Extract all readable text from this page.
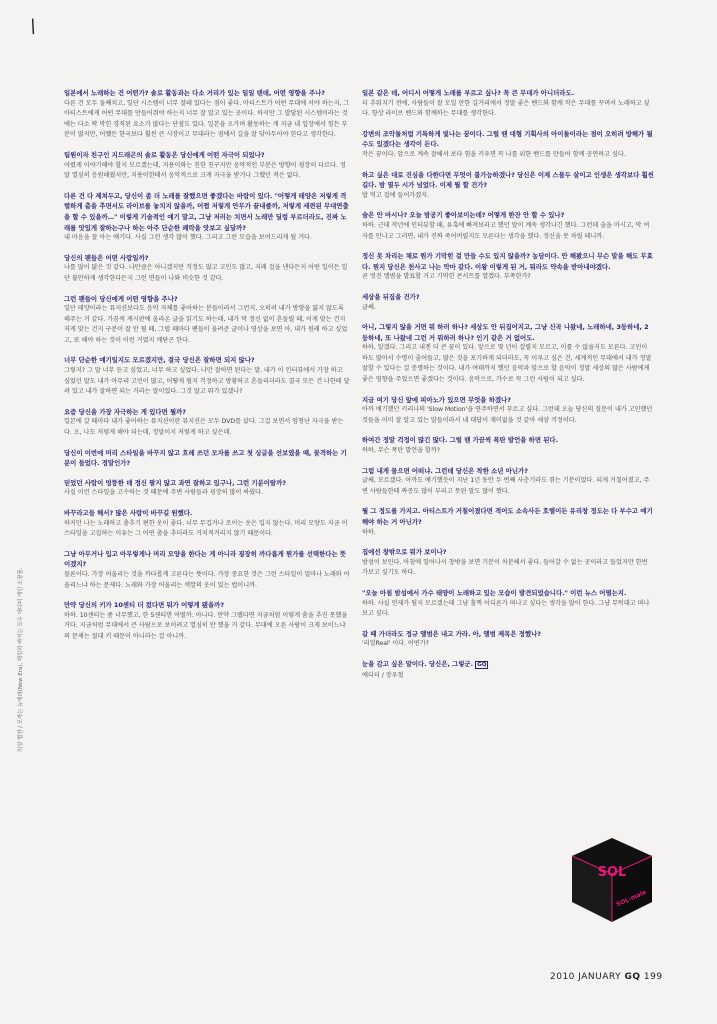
/

일본에서 노래하는 건 어떤가? 솔로 활동과는 다소 거리가 있는 일일 텐데, 어떤 영향을 주나?

다른 건 모두 둘째치고, 일단 시스템이 너무 잘돼 있다는 점이 좋다. 아티스트가 어떤 무대에 서야 하는지, 그 아티스트에게 어떤 무대를 만들어줘야 하는지 너무 잘 알고 있는 곳이다. 하지만 그 발달된 시스템이라는 것에는 다소 꽉 막힌 경직된 요소가 많다는 단점도 있다. 일본을 오가며 활동하는 게 지금 내 입장에서 힘든 부분이 많지만, 어쨌든 한국보다 훨씬 큰 시장이고 무대라는 점에서 길을 잘 닦아두어야 한다고 생각한다.

팀원이자 친구인 지드래곤의 솔로 활동은 당신에게 어떤 자극이 되었나?

어렸게 이야기해야 할지 모르겠는데, 지용이와는 친한 친구지만 음악적인 부분은 방향이 굉장히 다르다. 정말 열심히 응원해줬지만, 지용이한테서 음악적으로 크게 자극을 받거나 그랬던 적은 없다.

다른 건 다 제쳐두고, 당신이 좀 더 노래를 잘했으면 좋겠다는 바람이 있다. "어떻게 태양은 저렇게 격렬하게 춤을 추면서도 라이브를 놓치지 않을까, 어쩜 저렇게 안무가 끝내줄까, 저렇게 세련된 무대연출을 할 수 있을까…" 이렇게 기술적인 얘기 말고, 그냥 저러는 치면서 노래만 딜렁 부르더라도, 진짜 노래를 맛있게 잘하는구나 하는 아주 단순한 쾌락을 맛보고 싶달까?

내 마음을 잘 아는 얘기다. 사실 그런 생각 많이 했다. 그리고 그런 모습을 보여드리게 될 거다.

당신의 팬들은 어떤 사람일까?

나를 많이 닮은 것 같다. 나만큼은 아니겠지만 걱정도 많고 고민도 많고, 지레 겁을 낸다든지 어떤 일이든 일단 불안하게 생각한다든지 그런 면들이 나와 비슷한 것 같다.

그런 팬들이 당신에게 어떤 영향을 주나?

일단 태양이라는 뮤지션보다도 음악 자체를 좋아하는 분들이라서 그런지, 오히려 내가 방향을 잃지 않도록 해주는 거 같다. 가끔씩 게시판에 올라온 글을 읽기도 하는데, 내가 막 정신 없이 흔들릴 때, 이게 맞는 건지 저게 맞는 건지 구분이 잘 안 될 때, 그럴 때마다 팬들이 올려준 글이나 영상을 보면 아, 내가 원래 하고 싶었고, 또 해야 하는 것이 이런 거였지 깨닫곤 한다.

너무 단순한 얘기일지도 모르겠지만, 결국 당신은 잘하면 되지 않나?

그렇지? 그 말 너무 듣고 싶었고, 너무 하고 싶었다. 나만 잘하면 된다는 말. 내가 이 인터뷰에서 가장 하고 싶었던 말도 내가 아무리 고민이 많고, 어떻게 될지 걱정하고 방황하고 흔들리더라도 결국 모든 건 나한테 달려 있고 내가 잘하면 되는 거라는 말이었다. 그것 말고 뭐가 있겠나?

요즘 당신을 가장 자극하는 게 있다면 뭘까?

일본에 갈 때마다 내가 좋아하는 뮤지션이란 뮤지션은 모두 DVD를 샀다. 그걸 보면서 엄청난 자극을 받는다. 오, 나도 저렇게 해야 되는데, 정말이지 저렇게 하고 싶은데.

당신이 이번에 머리 스타일을 바꾸지 않고 흐레 쓰던 모자를 쓰고 첫 싱글을 선보였을 때, 꼴격하는 기분이 들었다. 정말인가?

믿었던 사람이 엉뚱한 데 정신 팔지 않고 과연 잘하고 있구나, 그런 기분이랄까?

사실 이런 스타일을 고수하는 것 때문에 주변 사람들과 굉장히 많이 싸웠다.

바꾸라고들 해서? 많은 사람이 바꾸길 원했다.

하지만 나는 노래하고 춤추기 편한 옷이 좋다. 너무 무겁거나 조이는 옷은 입지 않는다. 머리 모양도 지금 이 스타일을 고집하는 이유는 그 어떤 춤을 추더라도 거치적거리지 않기 때문이다.

그냥 아무거나 입고 아무렇게나 머리 모양을 한다는 게 아니라 굉장히 까다롭게 뭔가를 선택한다는 뜻이겠지?

물론이다. 가장 어울리는 것을 까다롭게 고른다는 뜻이다. 가장 중요한 것은 그런 스타일이 얼마나 노래와 어울리느냐 하는 문제다. 노래와 가장 어울리는 색깔의 옷이 있는 법이니까.

만약 당신의 키가 10센티 더 컸다면 뭐가 어떻게 됐을까?

하하. 10센티는 좀 너무했고, 한 5센티면 어떨까. 아니다. 만약 그랬다면 지금처럼 이렇게 춤을 추진 못했을 거다. 지금처럼 무대에서 큰 사람으로 보이려고 열심히 안 했을 거 같다. 무대에 오른 사람이 크게 보이느냐의 문제는 절대 키 때문이 아니라는 걸 아니까.

일본 같은 데, 어디서 어떻게 노래를 부르고 싶나? 꼭 큰 무대가 아니더라도.

더 추워지기 전에, 사람들이 잘 모일 만한 길거리에서 정말 좋은 밴드와 함께 작은 무대를 꾸며서 노래하고 싶다. 항상 라이브 밴드와 함께하는 무대를 생각한다.

강변의 조악돌처럼 기특하게 빛나는 꿈이다. 그럴 땐 대형 기획사의 아이돌이라는 점이 오히려 방해가 될 수도 있겠다는 생각이 든다.

작은 꿈이다. 앞으로 계속 잘해서 보다 힘을 키우면 꼭 나를 위한 밴드를 만들어 함께 공연하고 싶다.

하고 싶은 대로 진심을 다한다면 무엇이 불가능하겠나? 당신은 이제 스물두 살이고 인생은 생각보다 훨씬 길다. 밤 열두 시가 넘었다. 이제 뭘 할 건가?

밥 먹고 집에 들어가겠지.

술은 안 마시나? 오늘 밤공기 좋아보이는데? 어떻게 한잔 안 할 수 있나?

하하. 근데 작년에 인터뷰할 때, 유혹에 빠져보라고 했던 말이 계속 생각나긴 했다. 그런데 술을 마시고, 막 여자를 만나고 그러면, 내가 진짜 죽어버릴지도 모른다는 생각을 했다. 정신을 못 차릴 테니까.

정신 못 차리는 채로 뭔가 기막힌 걸 만들 수도 있지 않을까? 농담이다. 안 해봤으니 무슨 말을 해도 무효다. 뭔지 당신은 천사고 나는 악마 같다. 이왕 이렇게 된 거, 뭐라도 약속을 받아내야겠다.

곧 멋진 앨범을 발표할 거고 기막힌 콘서트를 열겠다. 부족한가?

세상을 뒤집을 건가?

글쎄.

아니, 그렇지 않을 거면 뭐 하러 하나? 세상도 안 뒤집어지고, 그냥 신곡 나왔네, 노래하네, 3등하네, 2등하네, 또 나왔네 그런 거 뭐하러 하나? 인기 같은 거 없어도.

하하, 알겠다. 그리고 내겐 더 큰 꿈이 있다. 앞으로 몇 년이 걸릴지 모르고, 이룰 수 없을지도 모른다. 고민이 하도 많아서 수명이 줄어들고, 많은 것을 포기하게 되더라도, 꼭 이루고 싶은 건, 세계적인 무대에서 내가 정말 잘할 수 있다는 걸 증명하는 것이다. 내가 여태까지 했던 음악과 앞으로 할 음악이 정말 세상의 많은 사람에게 좋은 영향을 주었으면 좋겠다는 것이다. 음악으로, 가수로 꼭 그런 사람이 되고 싶다.

지금 여기 당신 앞에 피아노가 있으면 무엇을 하겠나?

아까 얘기했던 키리나의 'Slow Motion'을 연주하면서 부르고 싶다. 그런데 오늘 당신의 질문이 내가 고민했던 것들을 이미 잘 알고 있는 말들이라서 내 대답이 재미없을 것 같아 새삼 걱정이다.

하여간 정말 걱정이 많긴 많다. 그럴 땐 가끔씩 폭탄 발언을 하면 된다.

하하, 무슨 폭탄 발언을 할까?

그럼 내게 물으면 어떠냐. 그런데 당신은 착한 소년 아닌가?

글쎄, 모르겠다. 아까도 얘기했듯이 지난 1년 동안 두 번째 사춘기라도 겪는 기분이었다. 되게 거칠어졌고, 주변 사람들한테 짜증도 많이 부리고 못된 말도 많이 했다.

뭘 그 정도를 가지고. 아티스트가 거칠어졌다면 적어도 소속사든 호텔이든 유리창 정도는 다 부수고 얘기해야 하는 거 아닌가?

하하.

집에선 창밖으로 뭐가 보이나?

밤섬이 보인다. 아침에 일어나서 창밖을 보면 기분이 차분해서 좋다. 들어갈 수 없는 곳이라고 들었지만 한번 가보고 싶기도 하다.

"오늘 아침 밤섬에서 가수 태양이 노래하고 있는 모습이 발견되었습니다." 이런 뉴스 어떨는지.

하하. 사실 언제가 될지 모르겠는데 그냥 훌쩍 어디론가 떠나고 싶다는 생각을 많이 한다. 그냥 무턱대고 떠나보고 싶다.

갈 때 가더라도 정규 앨범은 내고 가라. 아, 앨범 제목은 정했나?

'리얼Real' 이다. 어떤가?

눈을 감고 싶은 말이다. 당신은, 그렇군. GQ

에디터 / 장우철

의상 협찬 / 모자는 뉴에라(New Era), 재킷과 바지는 모두 에디터 개인 소장품.
SOL
SOL-male
2010 JANUARY GQ 199
